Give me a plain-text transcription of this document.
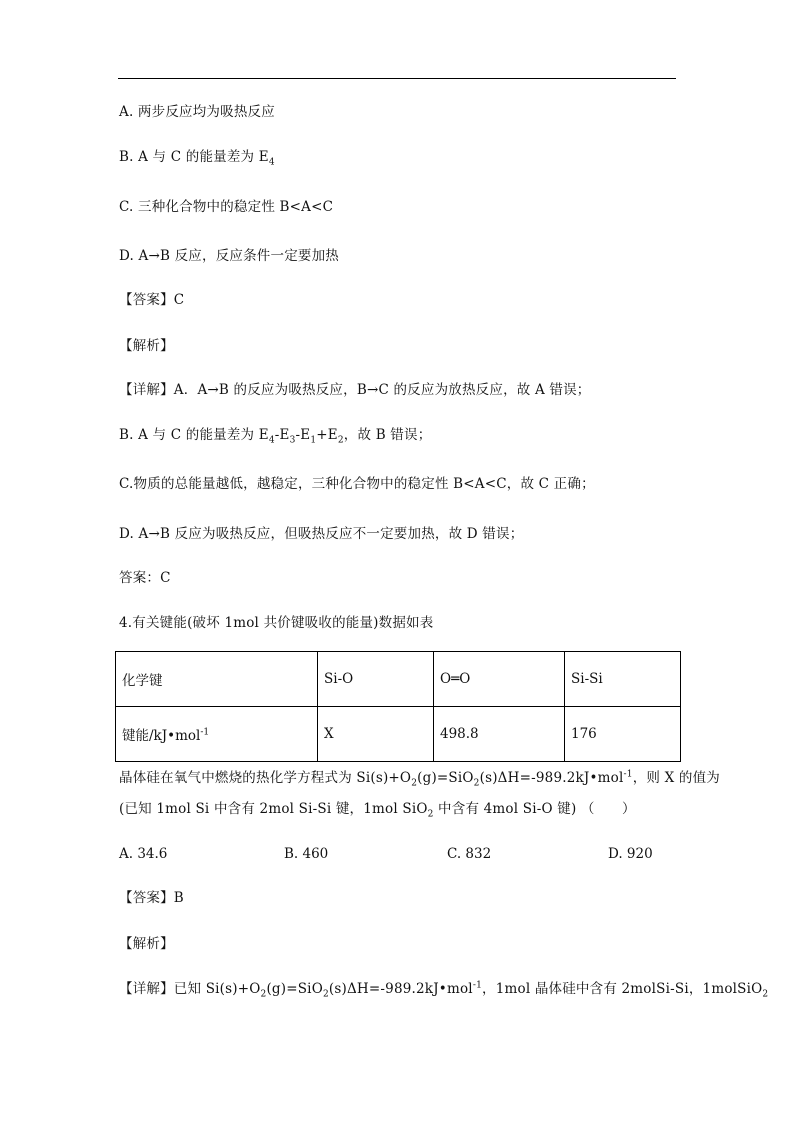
A. 两步反应均为吸热反应
B. A 与 C 的能量差为 $E_4$
C. 三种化合物中的稳定性 B<A<C
D. A→B 反应，反应条件一定要加热
【答案】C
【解析】
【详解】A．A→B 的反应为吸热反应，B→C 的反应为放热反应，故 A 错误；
B. A 与 C 的能量差为 $E_4-E_3-E_1+E_2$，故 B 错误；
C.物质的总能量越低，越稳定，三种化合物中的稳定性 B<A<C，故 C 正确；
D. A→B 反应为吸热反应，但吸热反应不一定要加热，故 D 错误；
答案：C
4.有关键能(破坏 1mol 共价键吸收的能量)数据如表
化学键	Si-O	O═O	Si-Si
键能/kJ•mol$^{-1}$	X	498.8	176
晶体硅在氧气中燃烧的热化学方程式为 $Si(s)+O_2(g)=SiO_2(s)\Delta H=-989.2kJ•mol^{-1}$，则 X 的值为
(已知 1mol Si 中含有 2mol Si-Si 键，1mol SiO$_2$ 中含有 4mol Si-O 键) （　　）
A. 34.6	B. 460	C. 832	D. 920
【答案】B
【解析】
【详解】已知 $Si(s)+O_2(g)=SiO_2(s)\Delta H=-989.2kJ•mol^{-1}$，1mol 晶体硅中含有 2molSi-Si，1molSiO$_2$
